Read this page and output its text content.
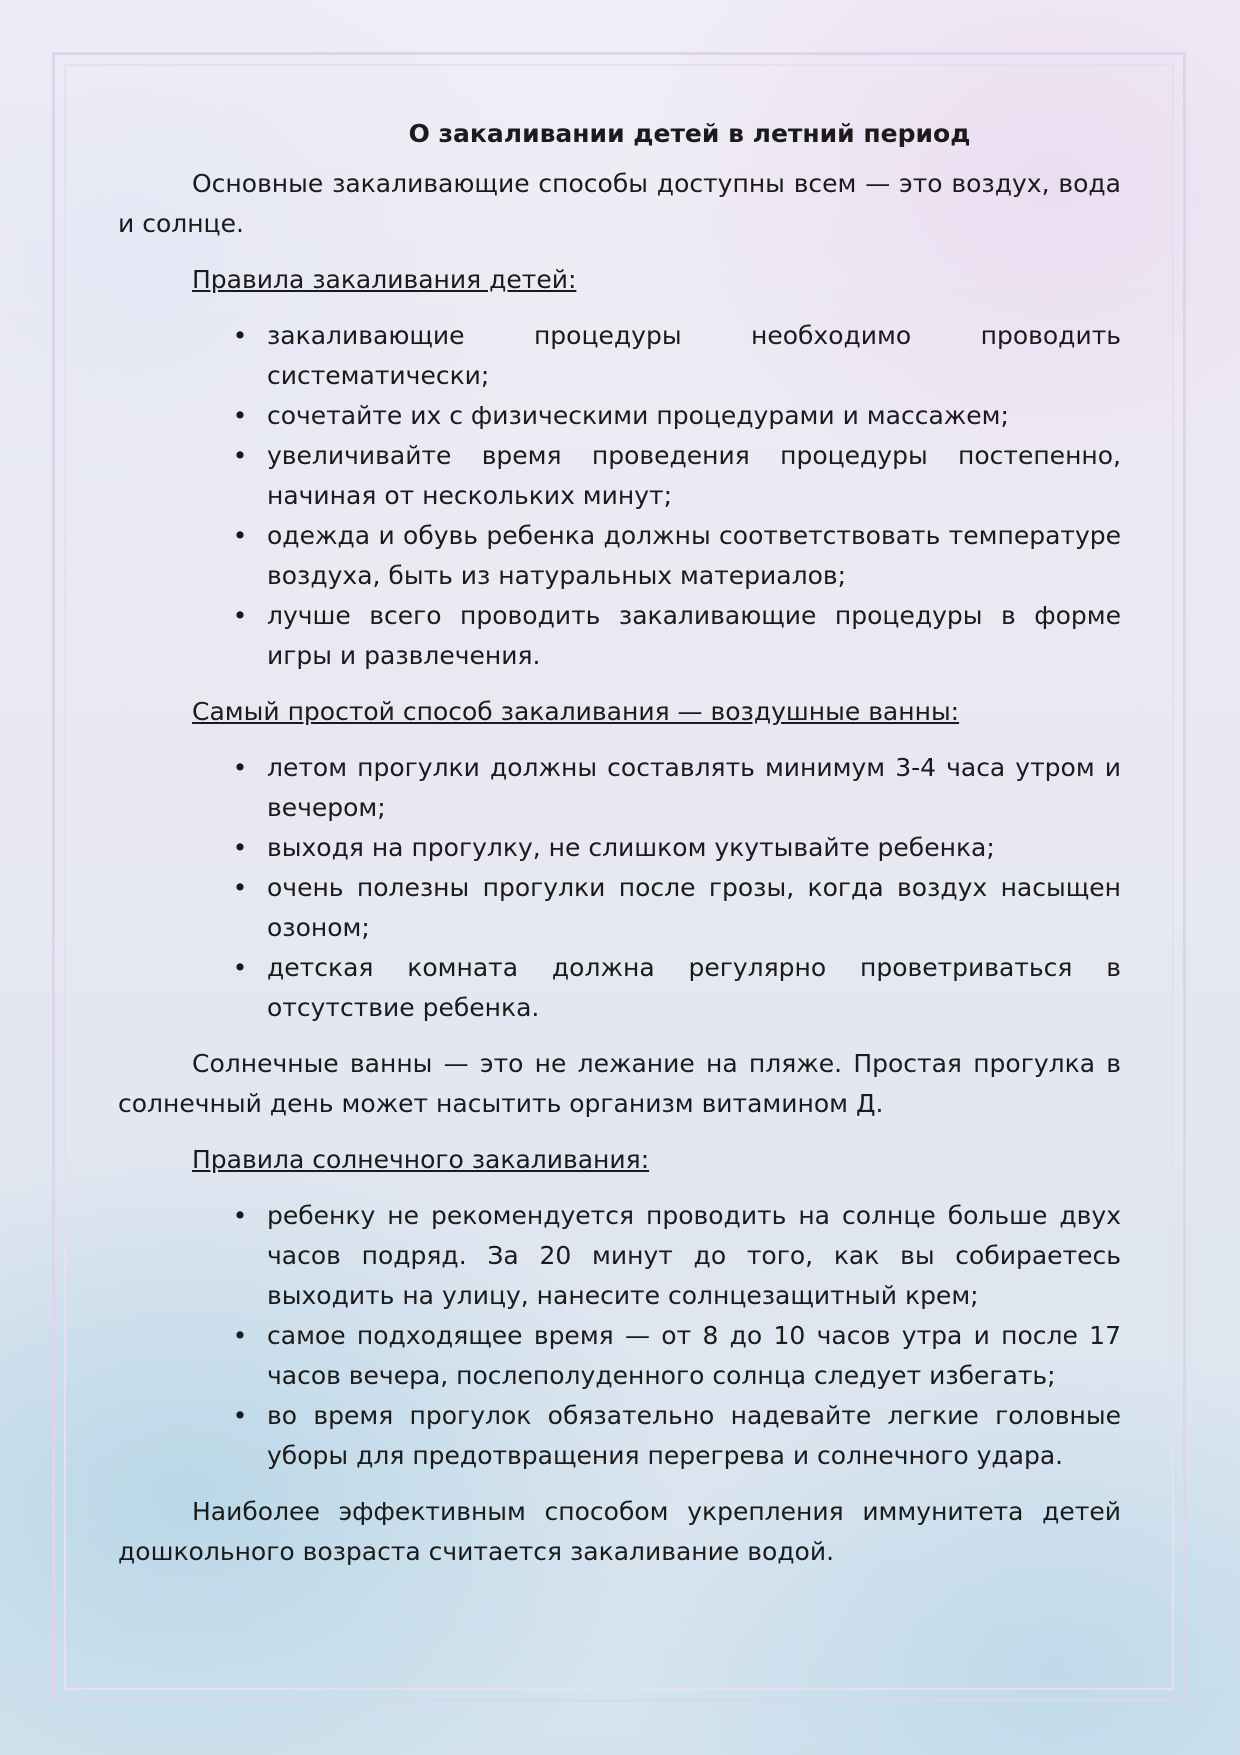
О закаливании детей в летний период

Основные закаливающие способы доступны всем — это воздух, вода и солнце.

Правила закаливания детей:

• закаливающие процедуры необходимо проводить систематически;
• сочетайте их с физическими процедурами и массажем;
• увеличивайте время проведения процедуры постепенно, начиная от нескольких минут;
• одежда и обувь ребенка должны соответствовать температуре воздуха, быть из натуральных материалов;
• лучше всего проводить закаливающие процедуры в форме игры и развлечения.

Самый простой способ закаливания — воздушные ванны:

• летом прогулки должны составлять минимум 3-4 часа утром и вечером;
• выходя на прогулку, не слишком укутывайте ребенка;
• очень полезны прогулки после грозы, когда воздух насыщен озоном;
• детская комната должна регулярно проветриваться в отсутствие ребенка.

Солнечные ванны — это не лежание на пляже. Простая прогулка в солнечный день может насытить организм витамином Д.

Правила солнечного закаливания:

• ребенку не рекомендуется проводить на солнце больше двух часов подряд. За 20 минут до того, как вы собираетесь выходить на улицу, нанесите солнцезащитный крем;
• самое подходящее время — от 8 до 10 часов утра и после 17 часов вечера, послеполуденного солнца следует избегать;
• во время прогулок обязательно надевайте легкие головные уборы для предотвращения перегрева и солнечного удара.

Наиболее эффективным способом укрепления иммунитета детей дошкольного возраста считается закаливание водой.
